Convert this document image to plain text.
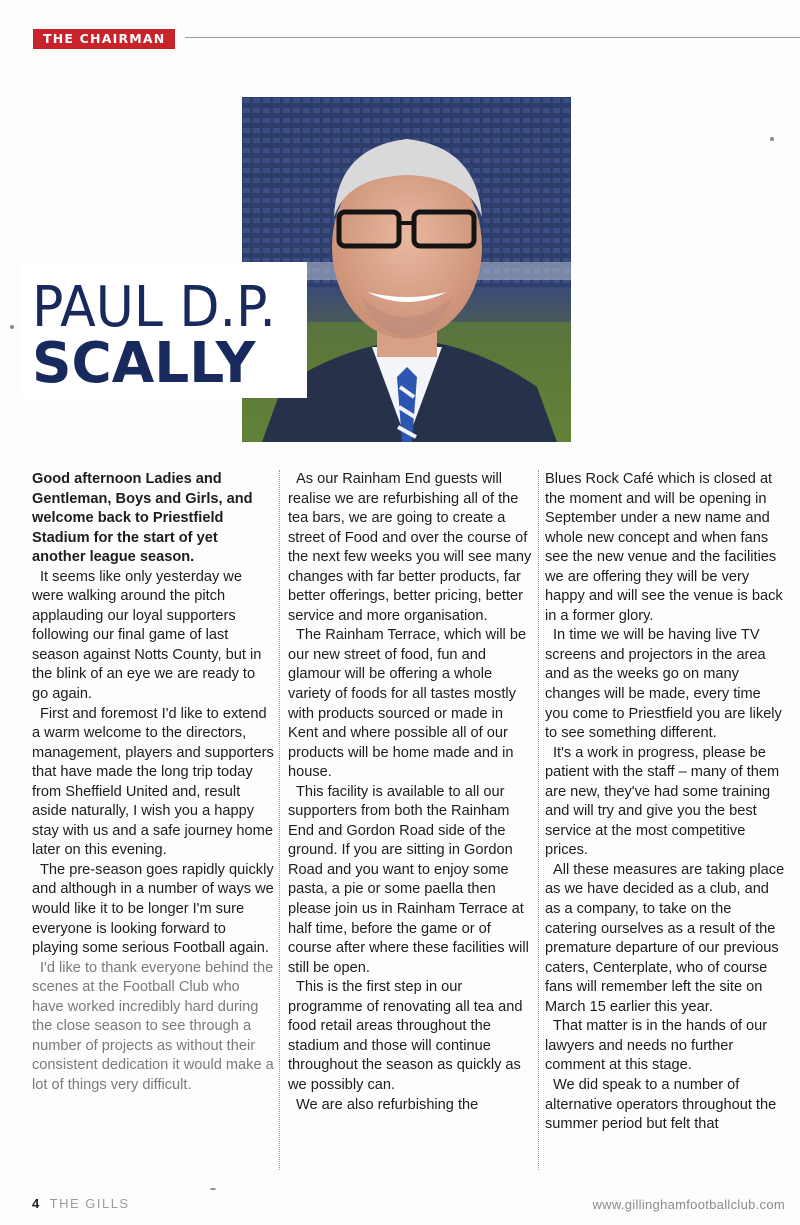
THE CHAIRMAN
PAUL D.P.
SCALLY

Good afternoon Ladies and Gentleman, Boys and Girls, and welcome back to Priestfield Stadium for the start of yet another league season.

It seems like only yesterday we were walking around the pitch applauding our loyal supporters following our final game of last season against Notts County, but in the blink of an eye we are ready to go again.

First and foremost I'd like to extend a warm welcome to the directors, management, players and supporters that have made the long trip today from Sheffield United and, result aside naturally, I wish you a happy stay with us and a safe journey home later on this evening.

The pre-season goes rapidly quickly and although in a number of ways we would like it to be longer I'm sure everyone is looking forward to playing some serious Football again.

I'd like to thank everyone behind the scenes at the Football Club who have worked incredibly hard during the close season to see through a number of projects as without their consistent dedication it would make a lot of things very difficult.

As our Rainham End guests will realise we are refurbishing all of the tea bars, we are going to create a street of Food and over the course of the next few weeks you will see many changes with far better products, far better offerings, better pricing, better service and more organisation.

The Rainham Terrace, which will be our new street of food, fun and glamour will be offering a whole variety of foods for all tastes mostly with products sourced or made in Kent and where possible all of our products will be home made and in house.

This facility is available to all our supporters from both the Rainham End and Gordon Road side of the ground. If you are sitting in Gordon Road and you want to enjoy some pasta, a pie or some paella then please join us in Rainham Terrace at half time, before the game or of course after where these facilities will still be open.

This is the first step in our programme of renovating all tea and food retail areas throughout the stadium and those will continue throughout the season as quickly as we possibly can.

We are also refurbishing the

Blues Rock Café which is closed at the moment and will be opening in September under a new name and whole new concept and when fans see the new venue and the facilities we are offering they will be very happy and will see the venue is back in a former glory.

In time we will be having live TV screens and projectors in the area and as the weeks go on many changes will be made, every time you come to Priestfield you are likely to see something different.

It's a work in progress, please be patient with the staff – many of them are new, they've had some training and will try and give you the best service at the most competitive prices.

All these measures are taking place as we have decided as a club, and as a company, to take on the catering ourselves as a result of the premature departure of our previous caters, Centerplate, who of course fans will remember left the site on March 15 earlier this year.

That matter is in the hands of our lawyers and needs no further comment at this stage.

We did speak to a number of alternative operators throughout the summer period but felt that

4 THE GILLS	www.gillinghamfootballclub.com
